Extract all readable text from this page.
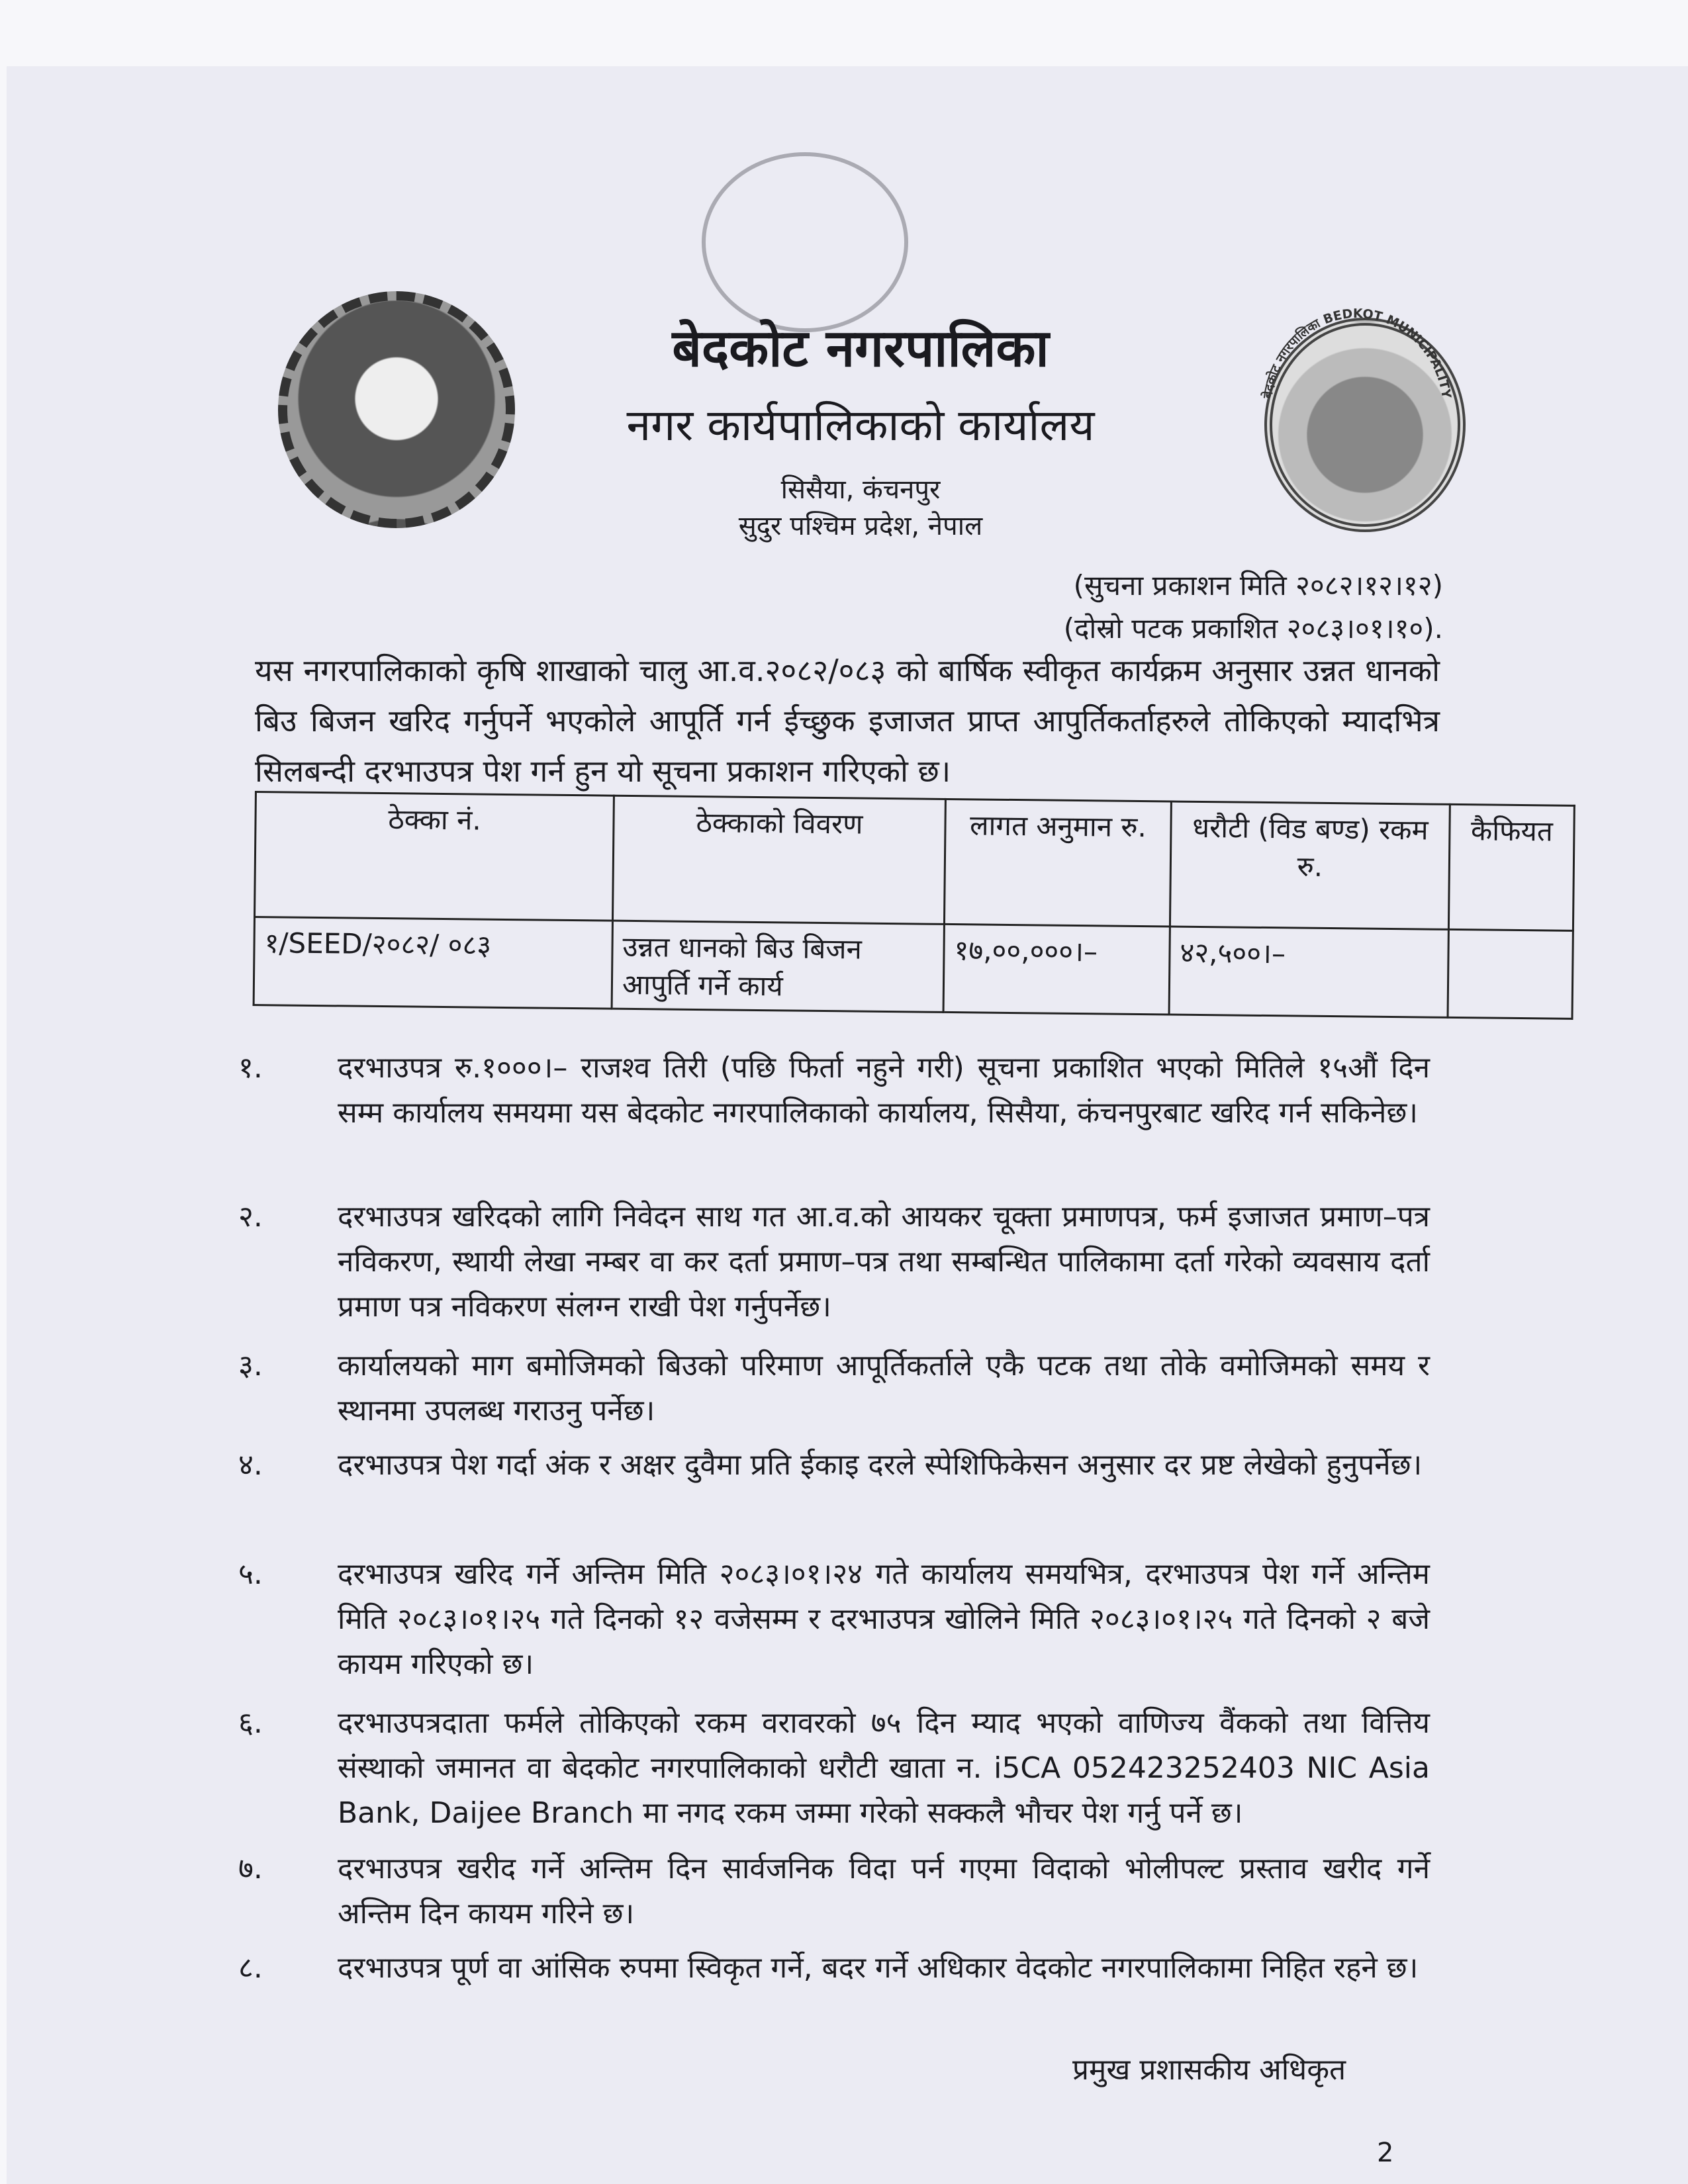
बेदकोट नगरपालिका BEDKOT MUNICIPALITY
बेदकोट नगरपालिका
नगर कार्यपालिकाको कार्यालय
सिसैया, कंचनपुर
सुदुर पश्चिम प्रदेश, नेपाल
(सुचना प्रकाशन मिति २०८२।१२।१२)
(दोस्रो पटक प्रकाशित २०८३।०१।१०).
यस नगरपालिकाको कृषि शाखाको चालु आ.व.२०८२/०८३ को बार्षिक स्वीकृत कार्यक्रम अनुसार उन्नत धानको बिउ बिजन खरिद गर्नुपर्ने भएकोले आपूर्ति गर्न ईच्छुक इजाजत प्राप्त आपुर्तिकर्ताहरुले तोकिएको म्यादभित्र सिलबन्दी दरभाउपत्र पेश गर्न हुन यो सूचना प्रकाशन गरिएको छ।
ठेक्का नं.	ठेक्काको विवरण	लागत अनुमान रु.	धरौटी (विड बण्ड) रकम रु.	कैफियत
१/SEED/२०८२/ ०८३	उन्नत धानको बिउ बिजन आपुर्ति गर्ने कार्य	१७,००,०००।–	४२,५००।–	
१.	दरभाउपत्र रु.१०००।– राजश्व तिरी (पछि फिर्ता नहुने गरी) सूचना प्रकाशित भएको मितिले १५औं दिन सम्म कार्यालय समयमा यस बेदकोट नगरपालिकाको कार्यालय, सिसैया, कंचनपुरबाट खरिद गर्न सकिनेछ।
२.	दरभाउपत्र खरिदको लागि निवेदन साथ गत आ.व.को आयकर चूक्ता प्रमाणपत्र, फर्म इजाजत प्रमाण–पत्र नविकरण, स्थायी लेखा नम्बर वा कर दर्ता प्रमाण–पत्र तथा सम्बन्धित पालिकामा दर्ता गरेको व्यवसाय दर्ता प्रमाण पत्र नविकरण संलग्न राखी पेश गर्नुपर्नेछ।
३.	कार्यालयको माग बमोजिमको बिउको परिमाण आपूर्तिकर्ताले एकै पटक तथा तोके वमोजिमको समय र स्थानमा उपलब्ध गराउनु पर्नेछ।
४.	दरभाउपत्र पेश गर्दा अंक र अक्षर दुवैमा प्रति ईकाइ दरले स्पेशिफिकेसन अनुसार दर प्रष्ट लेखेको हुनुपर्नेछ।
५.	दरभाउपत्र खरिद गर्ने अन्तिम मिति २०८३।०१।२४ गते कार्यालय समयभित्र, दरभाउपत्र पेश गर्ने अन्तिम मिति २०८३।०१।२५ गते दिनको १२ वजेसम्म र दरभाउपत्र खोलिने मिति २०८३।०१।२५ गते दिनको २ बजे कायम गरिएको छ।
६.	दरभाउपत्रदाता फर्मले तोकिएको रकम वरावरको ७५ दिन म्याद भएको वाणिज्य वैंकको तथा वित्तिय संस्थाको जमानत वा बेदकोट नगरपालिकाको धरौटी खाता न. i5CA 052423252403 NIC Asia Bank, Daijee Branch मा नगद रकम जम्मा गरेको सक्कलै भौचर पेश गर्नु पर्ने छ।
७.	दरभाउपत्र खरीद गर्ने अन्तिम दिन सार्वजनिक विदा पर्न गएमा विदाको भोलीपल्ट प्रस्ताव खरीद गर्ने अन्तिम दिन कायम गरिने छ।
८.	दरभाउपत्र पूर्ण वा आंसिक रुपमा स्विकृत गर्ने, बदर गर्ने अधिकार वेदकोट नगरपालिकामा निहित रहने छ।
प्रमुख प्रशासकीय अधिकृत
2
